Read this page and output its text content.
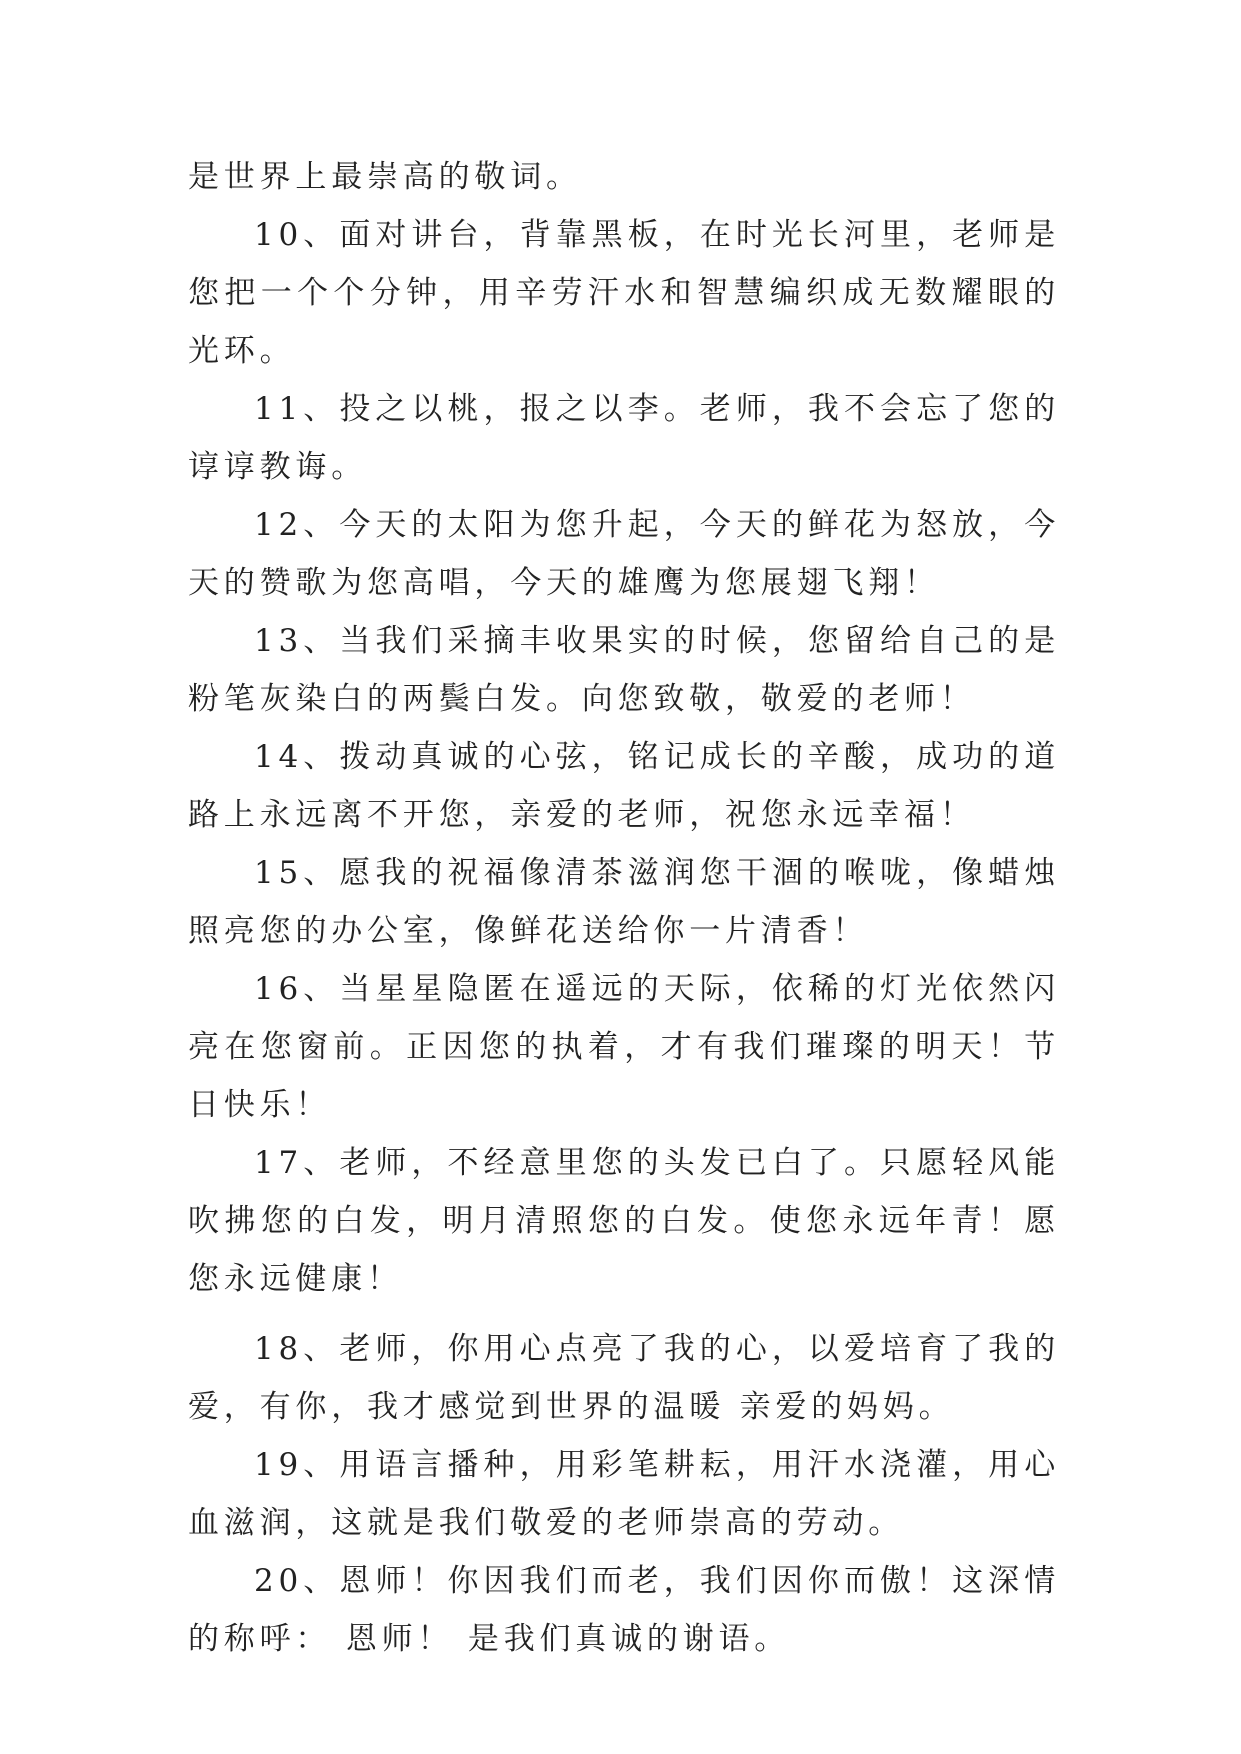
是世界上最崇高的敬词。

10、面对讲台，背靠黑板，在时光长河里，老师是您把一个个分钟，用辛劳汗水和智慧编织成无数耀眼的光环。

11、投之以桃，报之以李。老师，我不会忘了您的谆谆教诲。

12、今天的太阳为您升起，今天的鲜花为怒放，今天的赞歌为您高唱，今天的雄鹰为您展翅飞翔！

13、当我们采摘丰收果实的时候，您留给自己的是粉笔灰染白的两鬓白发。向您致敬，敬爱的老师！

14、拨动真诚的心弦，铭记成长的辛酸，成功的道路上永远离不开您，亲爱的老师，祝您永远幸福！

15、愿我的祝福像清茶滋润您干涸的喉咙，像蜡烛照亮您的办公室，像鲜花送给你一片清香！

16、当星星隐匿在遥远的天际，依稀的灯光依然闪亮在您窗前。正因您的执着，才有我们璀璨的明天！节日快乐！

17、老师，不经意里您的头发已白了。只愿轻风能吹拂您的白发，明月清照您的白发。使您永远年青！愿您永远健康！

18、老师，你用心点亮了我的心，以爱培育了我的爱，有你，我才感觉到世界的温暖 亲爱的妈妈。

19、用语言播种，用彩笔耕耘，用汗水浇灌，用心血滋润，这就是我们敬爱的老师崇高的劳动。

20、恩师！你因我们而老，我们因你而傲！这深情的称呼： 恩师！ 是我们真诚的谢语。
